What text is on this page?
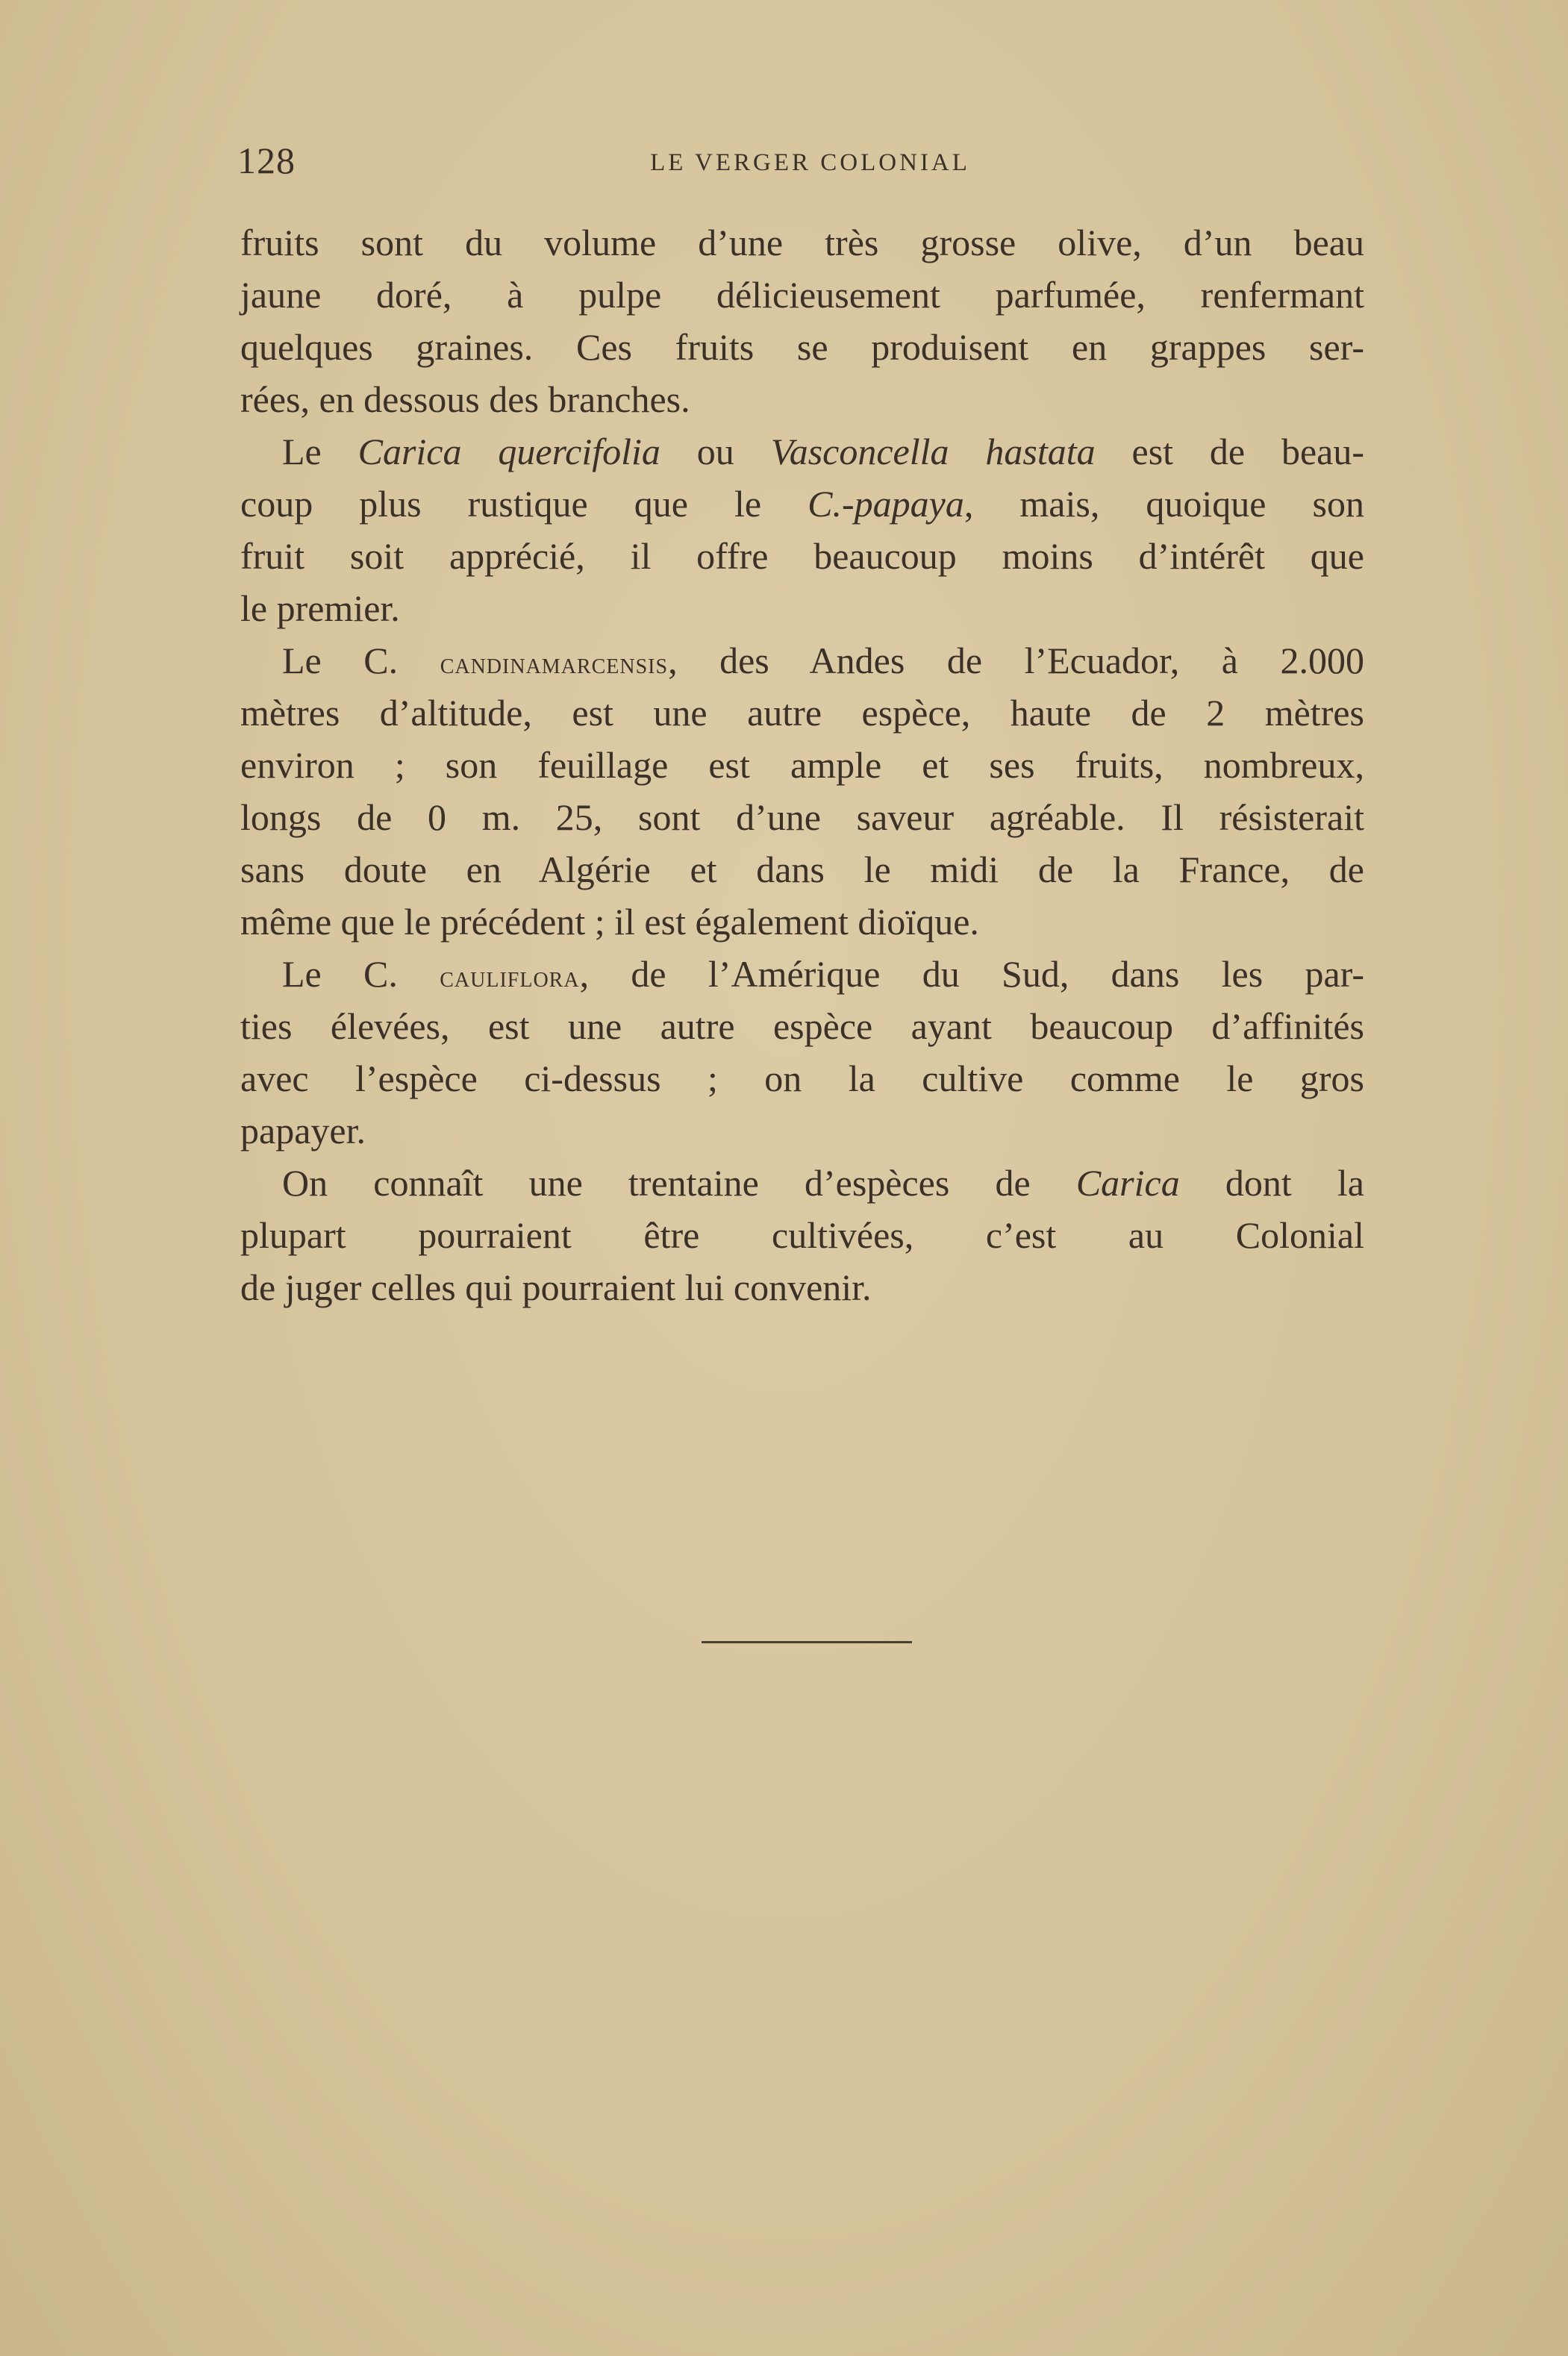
128	LE VERGER COLONIAL
fruits sont du volume d’une très grosse olive, d’un beau
jaune doré, à pulpe délicieusement parfumée, renfermant
quelques graines. Ces fruits se produisent en grappes ser-
rées, en dessous des branches.
Le Carica quercifolia ou Vasconcella hastata est de beau-
coup plus rustique que le C.-papaya, mais, quoique son
fruit soit apprécié, il offre beaucoup moins d’intérêt que
le premier.
Le C. candinamarcensis, des Andes de l’Ecuador, à 2.000
mètres d’altitude, est une autre espèce, haute de 2 mètres
environ ; son feuillage est ample et ses fruits, nombreux,
longs de 0 m. 25, sont d’une saveur agréable. Il résisterait
sans doute en Algérie et dans le midi de la France, de
même que le précédent ; il est également dioïque.
Le C. cauliflora, de l’Amérique du Sud, dans les par-
ties élevées, est une autre espèce ayant beaucoup d’affinités
avec l’espèce ci-dessus ; on la cultive comme le gros
papayer.
On connaît une trentaine d’espèces de Carica dont la
plupart pourraient être cultivées, c’est au Colonial
de juger celles qui pourraient lui convenir.
